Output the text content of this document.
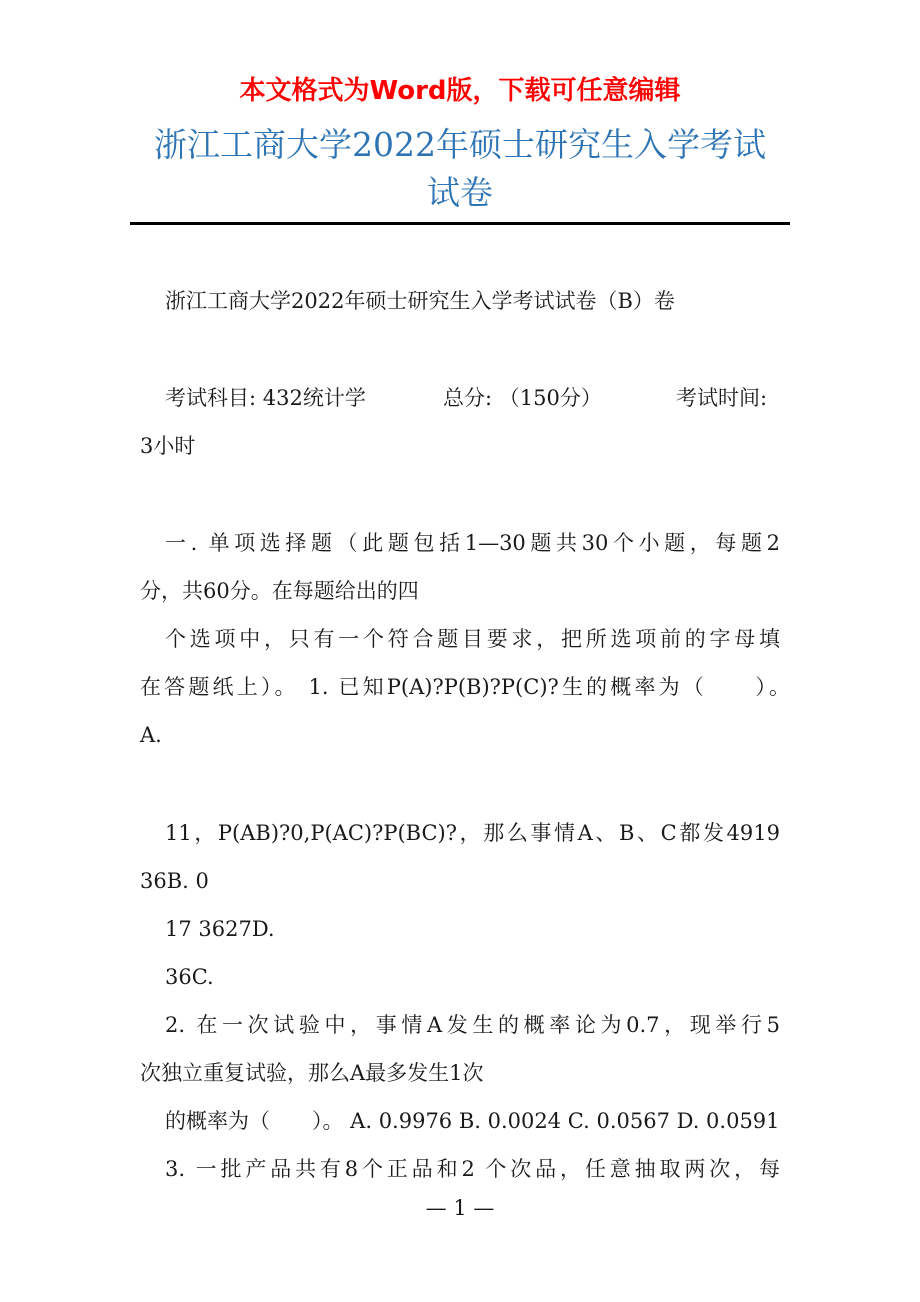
本文格式为Word版，下载可任意编辑
浙江工商大学2022年硕士研究生入学考试
试卷
浙江工商大学2022年硕士研究生入学考试试卷（B）卷
考试科目: 432统计学	总分: （150分）	考试时间:
3小时
一. 单项选择题（此题包括1—30题共30个小题，每题2
分，共60分。在每题给出的四
个选项中，只有一个符合题目要求，把所选项前的字母填
在答题纸上）。 1. 已知P(A)?P(B)?P(C)?生的概率为（　　）。
A.
11，P(AB)?0,P(AC)?P(BC)?，那么事情A、B、C都发4919
36B. 0
17 3627D.
36C.
2. 在一次试验中，事情A发生的概率论为0.7，现举行5
次独立重复试验，那么A最多发生1次
的概率为（　　）。 A. 0.9976 B. 0.0024 C. 0.0567 D. 0.0591
3. 一批产品共有8个正品和2 个次品，任意抽取两次，每
— 1 —
